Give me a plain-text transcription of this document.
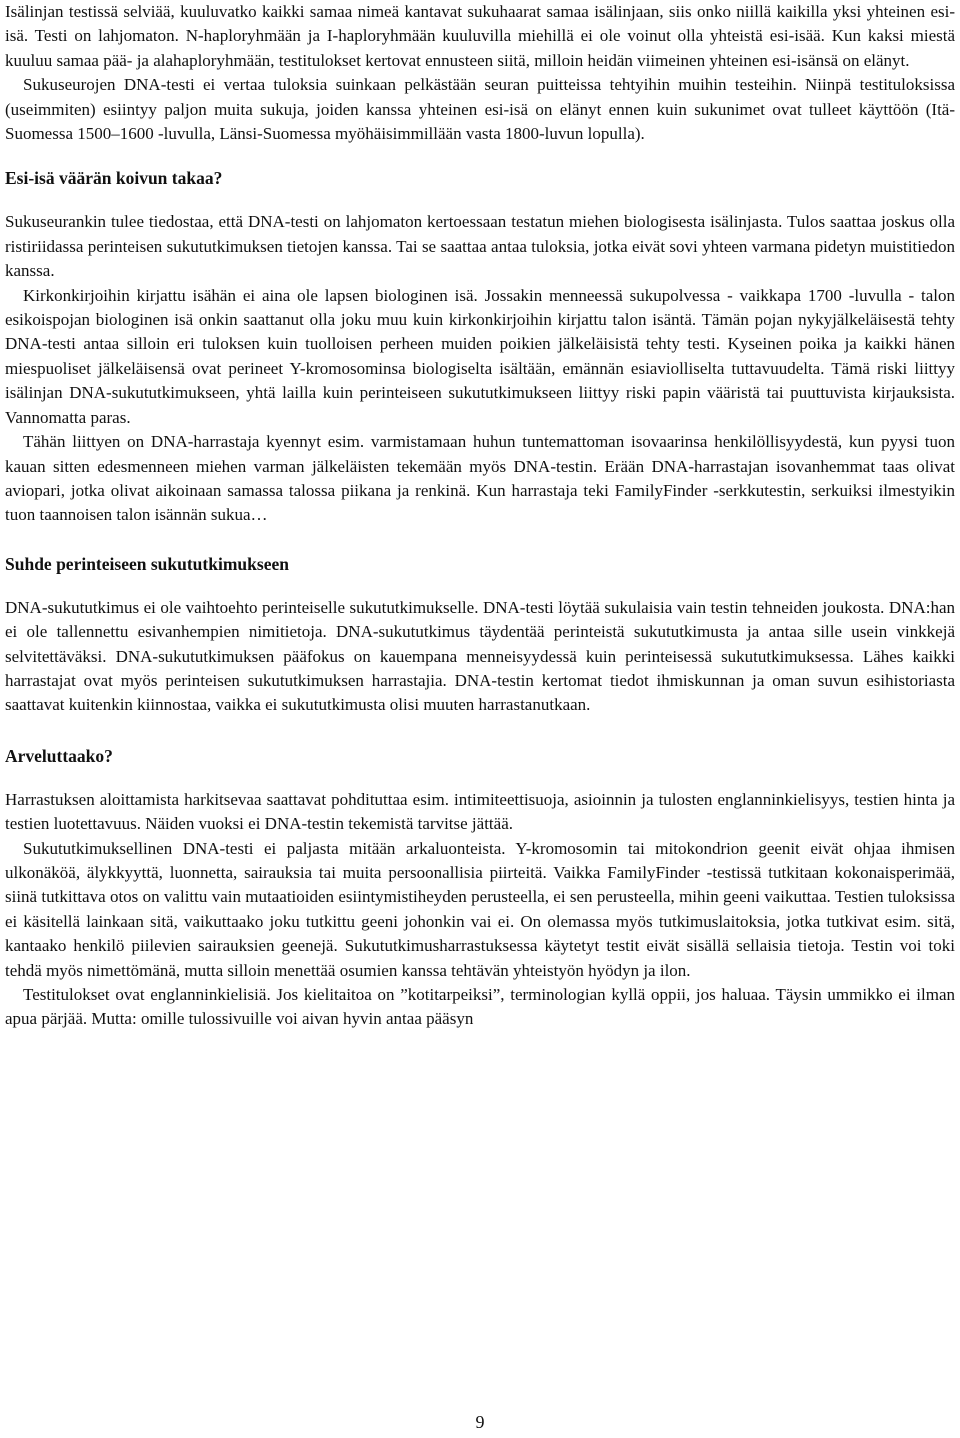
Isälinjan testissä selviää, kuuluvatko kaikki samaa nimeä kantavat sukuhaarat samaa isälinjaan, siis onko niillä kaikilla yksi yhteinen esi-isä. Testi on lahjomaton. N-haploryhmään ja I-haploryhmään kuuluvilla miehillä ei ole voinut olla yhteistä esi-isää. Kun kaksi miestä kuuluu samaa pää- ja alahaploryhmään, testitulokset kertovat ennusteen siitä, milloin heidän viimeinen yhteinen esi-isänsä on elänyt.

Sukuseurojen DNA-testi ei vertaa tuloksia suinkaan pelkästään seuran puitteissa tehtyihin muihin testeihin. Niinpä testituloksissa (useimmiten) esiintyy paljon muita sukuja, joiden kanssa yhteinen esi-isä on elänyt ennen kuin sukunimet ovat tulleet käyttöön (Itä-Suomessa 1500–1600 -luvulla, Länsi-Suomessa myöhäisimmillään vasta 1800-luvun lopulla).

Esi-isä väärän koivun takaa?

Sukuseurankin tulee tiedostaa, että DNA-testi on lahjomaton kertoessaan testatun miehen biologisesta isälinjasta. Tulos saattaa joskus olla ristiriidassa perinteisen sukututkimuksen tietojen kanssa. Tai se saattaa antaa tuloksia, jotka eivät sovi yhteen varmana pidetyn muistitiedon kanssa.

Kirkonkirjoihin kirjattu isähän ei aina ole lapsen biologinen isä. Jossakin menneessä sukupolvessa - vaikkapa 1700 -luvulla - talon esikoispojan biologinen isä onkin saattanut olla joku muu kuin kirkonkirjoihin kirjattu talon isäntä. Tämän pojan nykyjälkeläisestä tehty DNA-testi antaa silloin eri tuloksen kuin tuolloisen perheen muiden poikien jälkeläisistä tehty testi. Kyseinen poika ja kaikki hänen miespuoliset jälkeläisensä ovat perineet Y-kromosominsa biologiselta isältään, emännän esiaviolliselta tuttavuudelta. Tämä riski liittyy isälinjan DNA-sukututkimukseen, yhtä lailla kuin perinteiseen sukututkimukseen liittyy riski papin vääristä tai puuttuvista kirjauksista. Vannomatta paras.

Tähän liittyen on DNA-harrastaja kyennyt esim. varmistamaan huhun tuntemattoman isovaarinsa henkilöllisyydestä, kun pyysi tuon kauan sitten edesmenneen miehen varman jälkeläisten tekemään myös DNA-testin. Erään DNA-harrastajan isovanhemmat taas olivat aviopari, jotka olivat aikoinaan samassa talossa piikana ja renkinä. Kun harrastaja teki FamilyFinder -serkkutestin, serkuiksi ilmestyikin tuon taannoisen talon isännän sukua…

Suhde perinteiseen sukututkimukseen

DNA-sukututkimus ei ole vaihtoehto perinteiselle sukututkimukselle. DNA-testi löytää sukulaisia vain testin tehneiden joukosta. DNA:han ei ole tallennettu esivanhempien nimitietoja. DNA-sukututkimus täydentää perinteistä sukututkimusta ja antaa sille usein vinkkejä selvitettäväksi. DNA-sukututkimuksen pääfokus on kauempana menneisyydessä kuin perinteisessä sukututkimuksessa. Lähes kaikki harrastajat ovat myös perinteisen sukututkimuksen harrastajia. DNA-testin kertomat tiedot ihmiskunnan ja oman suvun esihistoriasta saattavat kuitenkin kiinnostaa, vaikka ei sukututkimusta olisi muuten harrastanutkaan.

Arveluttaako?

Harrastuksen aloittamista harkitsevaa saattavat pohdituttaa esim. intimiteettisuoja, asioinnin ja tulosten englanninkielisyys, testien hinta ja testien luotettavuus. Näiden vuoksi ei DNA-testin tekemistä tarvitse jättää.

Sukututkimuksellinen DNA-testi ei paljasta mitään arkaluonteista. Y-kromosomin tai mitokondrion geenit eivät ohjaa ihmisen ulkonäköä, älykkyyttä, luonnetta, sairauksia tai muita persoonallisia piirteitä. Vaikka FamilyFinder -testissä tutkitaan kokonaisperimää, siinä tutkittava otos on valittu vain mutaatioiden esiintymistiheyden perusteella, ei sen perusteella, mihin geeni vaikuttaa. Testien tuloksissa ei käsitellä lainkaan sitä, vaikuttaako joku tutkittu geeni johonkin vai ei. On olemassa myös tutkimuslaitoksia, jotka tutkivat esim. sitä, kantaako henkilö piilevien sairauksien geenejä. Sukututkimusharrastuksessa käytetyt testit eivät sisällä sellaisia tietoja. Testin voi toki tehdä myös nimettömänä, mutta silloin menettää osumien kanssa tehtävän yhteistyön hyödyn ja ilon.

Testitulokset ovat englanninkielisiä. Jos kielitaitoa on ”kotitarpeiksi”, terminologian kyllä oppii, jos haluaa. Täysin ummikko ei ilman apua pärjää. Mutta: omille tulossivuille voi aivan hyvin antaa pääsyn

9
